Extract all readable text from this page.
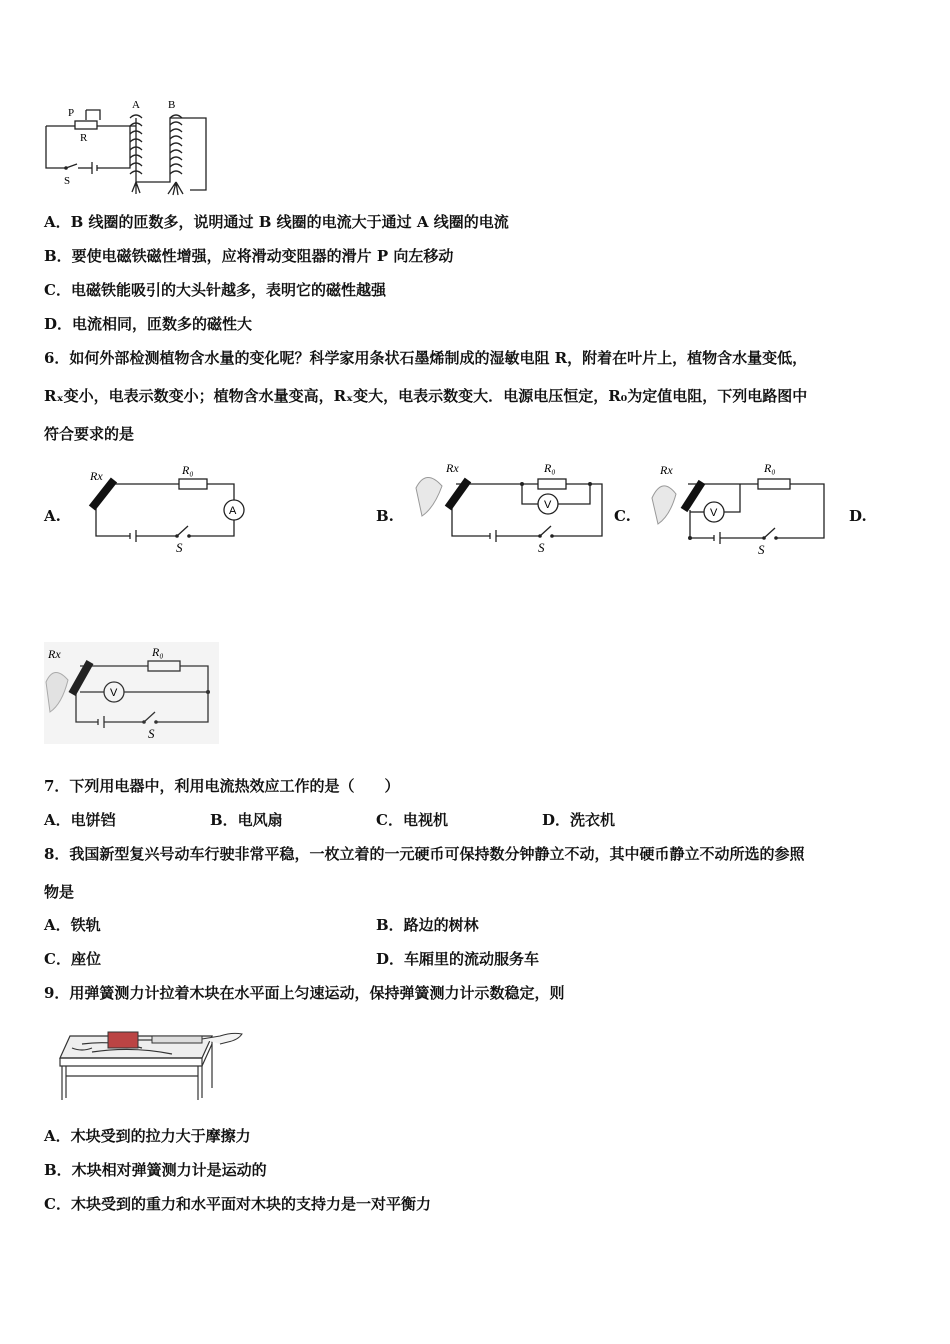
P
R
S
A	B
A．B 线圈的匝数多，说明通过 B 线圈的电流大于通过 A 线圈的电流
B．要使电磁铁磁性增强，应将滑动变阻器的滑片 P 向左移动
C．电磁铁能吸引的大头针越多，表明它的磁性越强
D．电流相同，匝数多的磁性大
6．如何外部检测植物含水量的变化呢？科学家用条状石墨烯制成的湿敏电阻 R，附着在叶片上，植物含水量变低，
Rₓ变小，电表示数变小；植物含水量变高，Rₓ变大，电表示数变大．电源电压恒定，R₀为定值电阻，下列电路图中
符合要求的是
A.	B.	C.	D.
Rx	R₀
A
S
Rx	R₀
V
S
Rx	R₀
V
S
Rx	R₀
V
S
7．下列用电器中，利用电流热效应工作的是（　　）
A．电饼铛	B．电风扇	C．电视机	D．洗衣机
8．我国新型复兴号动车行驶非常平稳，一枚立着的一元硬币可保持数分钟静立不动，其中硬币静立不动所选的参照
物是
A．铁轨	B．路边的树林
C．座位	D．车厢里的流动服务车
9．用弹簧测力计拉着木块在水平面上匀速运动，保持弹簧测力计示数稳定，则
A．木块受到的拉力大于摩擦力
B．木块相对弹簧测力计是运动的
C．木块受到的重力和水平面对木块的支持力是一对平衡力
